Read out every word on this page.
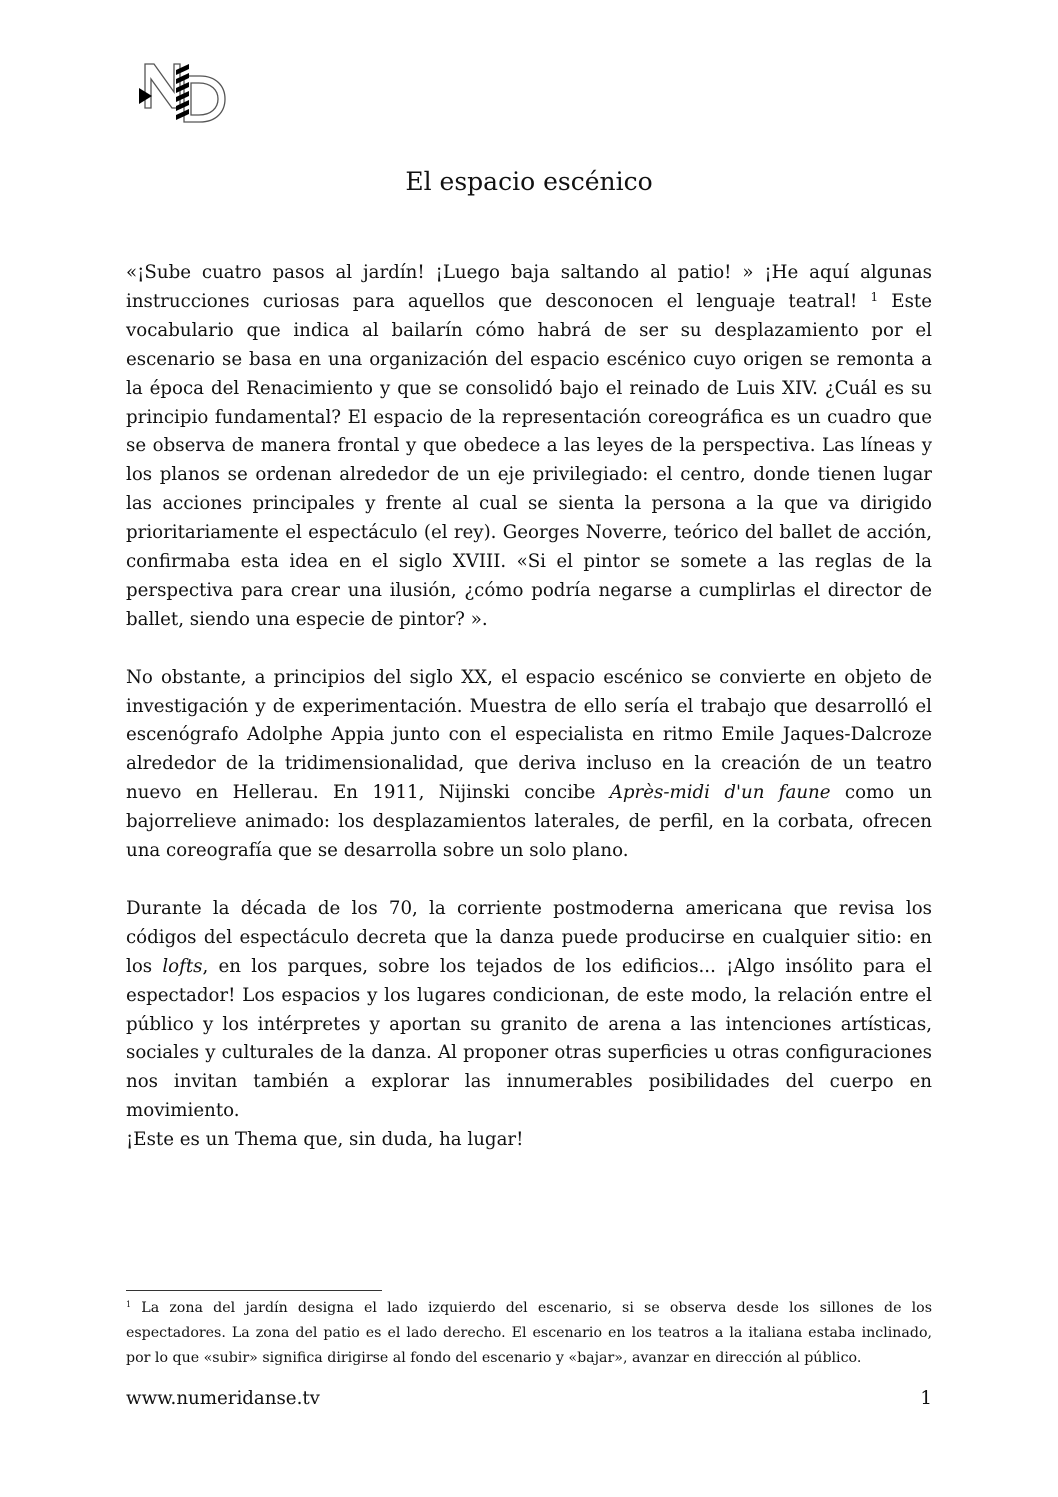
El espacio escénico

«¡Sube cuatro pasos al jardín! ¡Luego baja saltando al patio! » ¡He aquí algunas instrucciones curiosas para aquellos que desconocen el lenguaje teatral! $^1$ Este vocabulario que indica al bailarín cómo habrá de ser su desplazamiento por el escenario se basa en una organización del espacio escénico cuyo origen se remonta a la época del Renacimiento y que se consolidó bajo el reinado de Luis XIV. ¿Cuál es su principio fundamental? El espacio de la representación coreográfica es un cuadro que se observa de manera frontal y que obedece a las leyes de la perspectiva. Las líneas y los planos se ordenan alrededor de un eje privilegiado: el centro, donde tienen lugar las acciones principales y frente al cual se sienta la persona a la que va dirigido prioritariamente el espectáculo (el rey). Georges Noverre, teórico del ballet de acción, confirmaba esta idea en el siglo XVIII. «Si el pintor se somete a las reglas de la perspectiva para crear una ilusión, ¿cómo podría negarse a cumplirlas el director de ballet, siendo una especie de pintor? ».

No obstante, a principios del siglo XX, el espacio escénico se convierte en objeto de investigación y de experimentación. Muestra de ello sería el trabajo que desarrolló el escenógrafo Adolphe Appia junto con el especialista en ritmo Emile Jaques-Dalcroze alrededor de la tridimensionalidad, que deriva incluso en la creación de un teatro nuevo en Hellerau. En 1911, Nijinski concibe Après-midi d'un faune como un bajorrelieve animado: los desplazamientos laterales, de perfil, en la corbata, ofrecen una coreografía que se desarrolla sobre un solo plano.

Durante la década de los 70, la corriente postmoderna americana que revisa los códigos del espectáculo decreta que la danza puede producirse en cualquier sitio: en los lofts, en los parques, sobre los tejados de los edificios... ¡Algo insólito para el espectador! Los espacios y los lugares condicionan, de este modo, la relación entre el público y los intérpretes y aportan su granito de arena a las intenciones artísticas, sociales y culturales de la danza. Al proponer otras superficies u otras configuraciones nos invitan también a explorar las innumerables posibilidades del cuerpo en movimiento.

¡Este es un Thema que, sin duda, ha lugar!

$^1$ La zona del jardín designa el lado izquierdo del escenario, si se observa desde los sillones de los espectadores. La zona del patio es el lado derecho. El escenario en los teatros a la italiana estaba inclinado, por lo que «subir» significa dirigirse al fondo del escenario y «bajar», avanzar en dirección al público.

www.numeridanse.tv	1
